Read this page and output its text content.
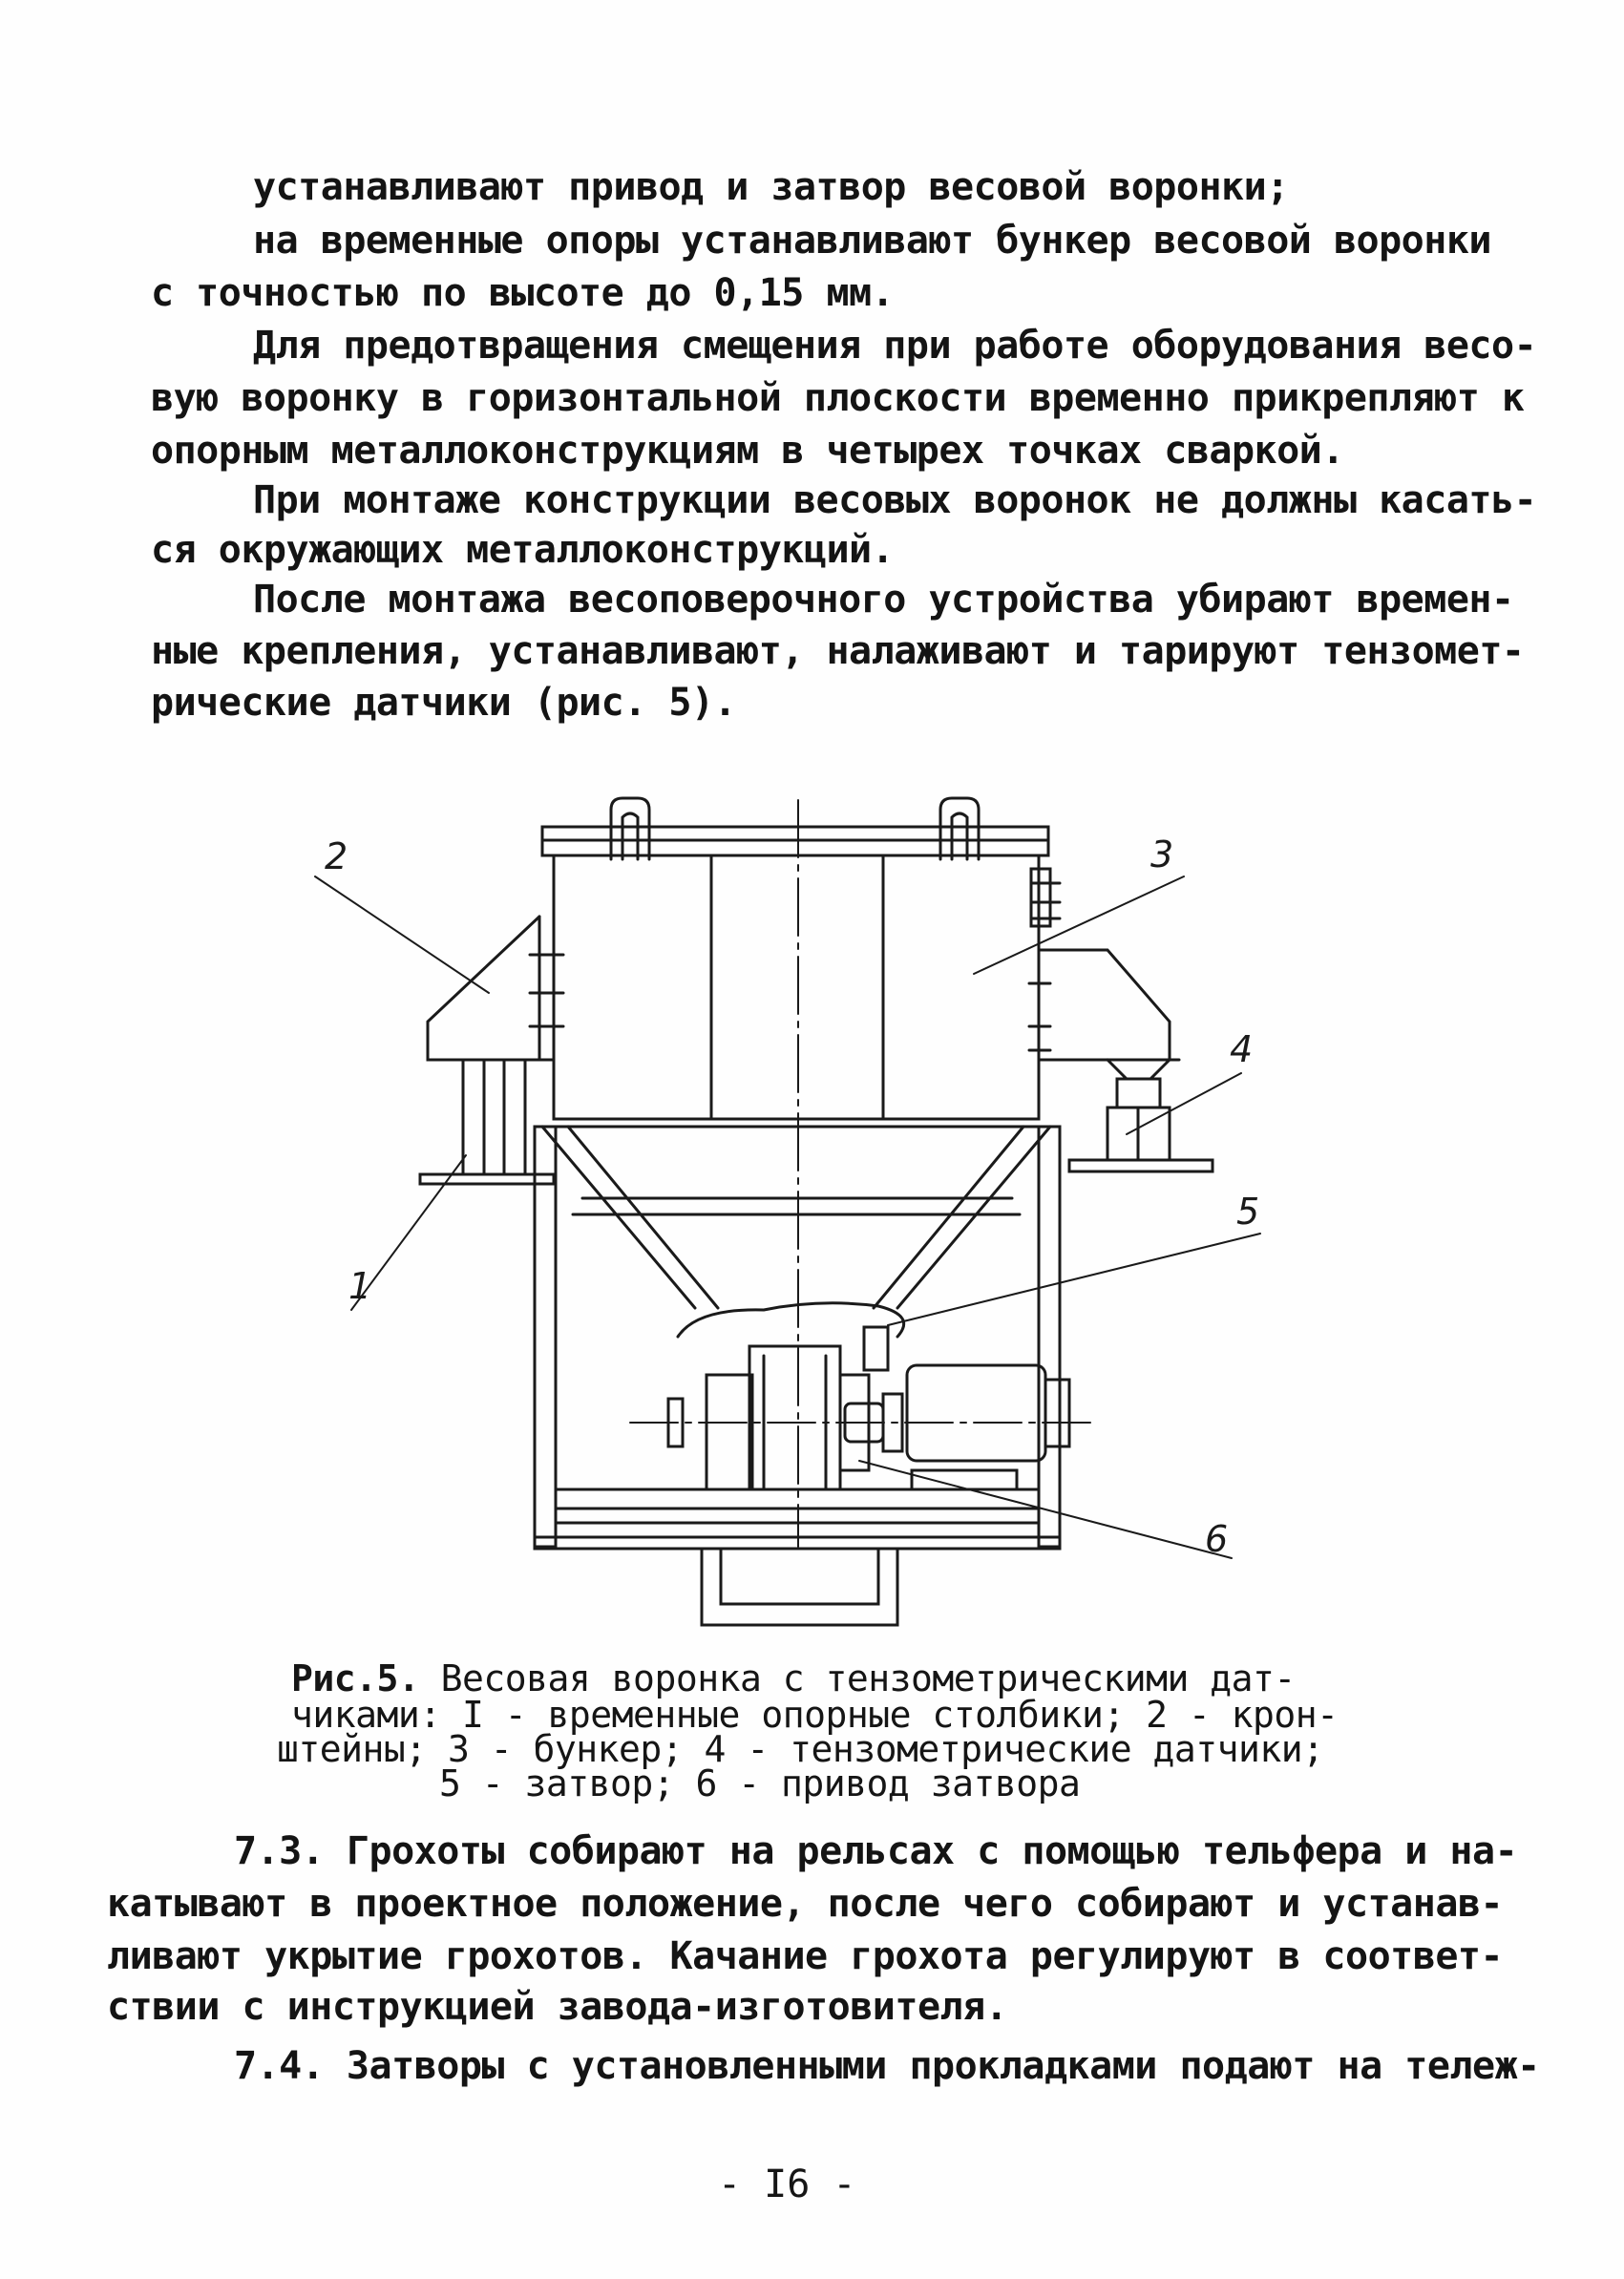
устанавливают привод и затвор весовой воронки;
на временные опоры устанавливают бункер весовой воронки
с точностью по высоте до 0,15 мм.
Для предотвращения смещения при работе оборудования весо-
вую воронку в горизонтальной плоскости временно прикрепляют к
опорным металлоконструкциям в четырех точках сваркой.
При монтаже конструкции весовых воронок не должны касать-
ся окружающих металлоконструкций.
После монтажа весоповерочного устройства убирают времен-
ные крепления, устанавливают, налаживают и тарируют тензомет-
рические датчики (рис. 5).
2	3
4
5
1
6
Рис.5. Весовая воронка с тензометрическими дат-
чиками: I - временные опорные столбики; 2 - крон-
штейны; 3 - бункер; 4 - тензометрические датчики;
5 - затвор; 6 - привод затвора
7.3. Грохоты собирают на рельсах с помощью тельфера и на-
катывают в проектное положение, после чего собирают и устанав-
ливают укрытие грохотов. Качание грохота регулируют в соответ-
ствии с инструкцией завода-изготовителя.
7.4. Затворы с установленными прокладками подают на тележ-
- I6 -
